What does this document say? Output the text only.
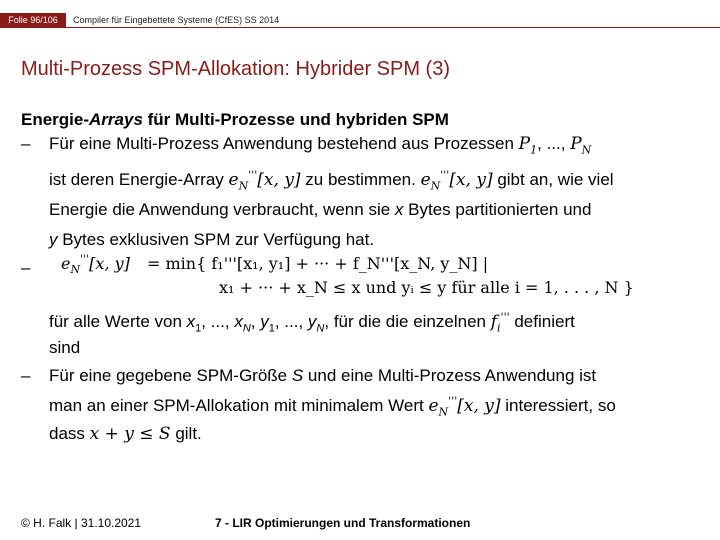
Folie 96/106	Compiler für Eingebettete Systeme (CfES) SS 2014
Multi-Prozess SPM-Allokation: Hybrider SPM (3)
Energie-Arrays für Multi-Prozesse und hybriden SPM
– Für eine Multi-Prozess Anwendung bestehend aus Prozessen $P_1$, ..., $P_N$
ist deren Energie-Array $e_N'''[x$, y] zu bestimmen. $e_N'''[x$, y] gibt an, wie viel
Energie die Anwendung verbraucht, wenn sie x Bytes partitionierten und
y Bytes exklusiven SPM zur Verfügung hat.
– $e_N'''[x$, y] = min{ f₁'''[x₁, y₁] + ··· + f_N'''[x_N, y_N] |
x₁ + ··· + x_N ≤ x und yᵢ ≤ y für alle i = 1, . . . , N }
für alle Werte von $x_1$, ..., $x_N$, $y_1$, ..., $y_N$, für die die einzelnen $f_i'''$ definiert
sind
– Für eine gegebene SPM-Größe S und eine Multi-Prozess Anwendung ist
man an einer SPM-Allokation mit minimalem Wert $e_N'''[x$, y] interessiert, so
dass x + y ≤ S gilt.
© H. Falk | 31.10.2021	7 - LIR Optimierungen und Transformationen
